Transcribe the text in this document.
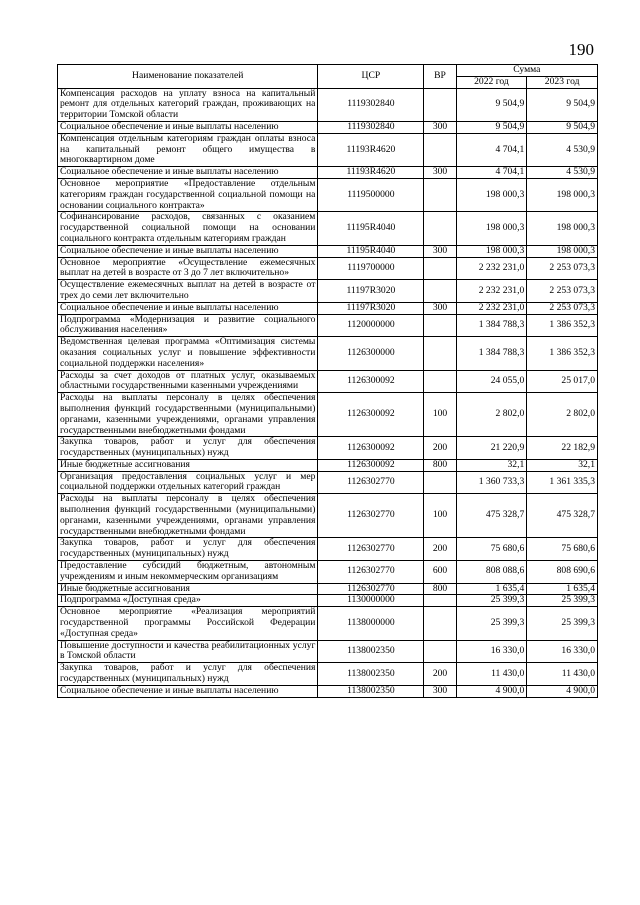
190
Наименование показателей	ЦСР	ВР	Сумма	
			2022 год	2023 год
Компенсация расходов на уплату взноса на капитальный ремонт для отдельных категорий граждан, проживающих на территории Томской области	1119302840		9 504,9	9 504,9
Социальное обеспечение и иные выплаты населению	1119302840	300	9 504,9	9 504,9
Компенсация отдельным категориям граждан оплаты взноса на капитальный ремонт общего имущества в многоквартирном доме	11193R4620		4 704,1	4 530,9
Социальное обеспечение и иные выплаты населению	11193R4620	300	4 704,1	4 530,9
Основное мероприятие «Предоставление отдельным категориям граждан государственной социальной помощи на основании социального контракта»	1119500000		198 000,3	198 000,3
Софинансирование расходов, связанных с оказанием государственной социальной помощи на основании социального контракта отдельным категориям граждан	11195R4040		198 000,3	198 000,3
Социальное обеспечение и иные выплаты населению	11195R4040	300	198 000,3	198 000,3
Основное мероприятие «Осуществление ежемесячных выплат на детей в возрасте от 3 до 7 лет включительно»	1119700000		2 232 231,0	2 253 073,3
Осуществление ежемесячных выплат на детей в возрасте от трех до семи лет включительно	11197R3020		2 232 231,0	2 253 073,3
Социальное обеспечение и иные выплаты населению	11197R3020	300	2 232 231,0	2 253 073,3
Подпрограмма «Модернизация и развитие социального обслуживания населения»	1120000000		1 384 788,3	1 386 352,3
Ведомственная целевая программа «Оптимизация системы оказания социальных услуг и повышение эффективности социальной поддержки населения»	1126300000		1 384 788,3	1 386 352,3
Расходы за счет доходов от платных услуг, оказываемых областными государственными казенными учреждениями	1126300092		24 055,0	25 017,0
Расходы на выплаты персоналу в целях обеспечения выполнения функций государственными (муниципальными) органами, казенными учреждениями, органами управления государственными внебюджетными фондами	1126300092	100	2 802,0	2 802,0
Закупка товаров, работ и услуг для обеспечения государственных (муниципальных) нужд	1126300092	200	21 220,9	22 182,9
Иные бюджетные ассигнования	1126300092	800	32,1	32,1
Организация предоставления социальных услуг и мер социальной поддержки отдельных категорий граждан	1126302770		1 360 733,3	1 361 335,3
Расходы на выплаты персоналу в целях обеспечения выполнения функций государственными (муниципальными) органами, казенными учреждениями, органами управления государственными внебюджетными фондами	1126302770	100	475 328,7	475 328,7
Закупка товаров, работ и услуг для обеспечения государственных (муниципальных) нужд	1126302770	200	75 680,6	75 680,6
Предоставление субсидий бюджетным, автономным учреждениям и иным некоммерческим организациям	1126302770	600	808 088,6	808 690,6
Иные бюджетные ассигнования	1126302770	800	1 635,4	1 635,4
Подпрограмма «Доступная среда»	1130000000		25 399,3	25 399,3
Основное мероприятие «Реализация мероприятий государственной программы Российской Федерации «Доступная среда»	1138000000		25 399,3	25 399,3
Повышение доступности и качества реабилитационных услуг в Томской области	1138002350		16 330,0	16 330,0
Закупка товаров, работ и услуг для обеспечения государственных (муниципальных) нужд	1138002350	200	11 430,0	11 430,0
Социальное обеспечение и иные выплаты населению	1138002350	300	4 900,0	4 900,0
